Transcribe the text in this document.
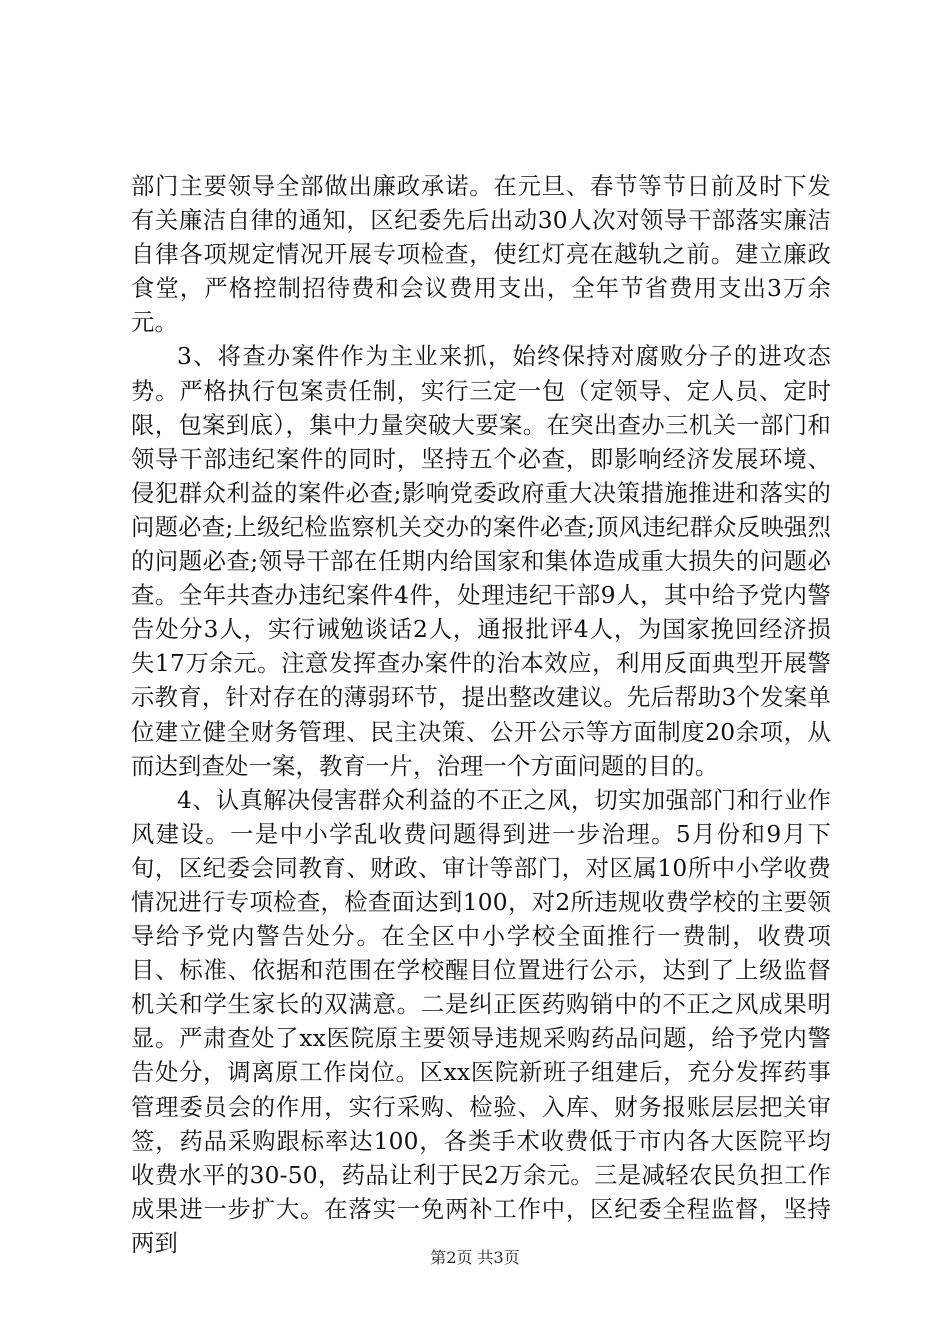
部门主要领导全部做出廉政承诺。在元旦、春节等节日前及时下发有关廉洁自律的通知，区纪委先后出动30人次对领导干部落实廉洁自律各项规定情况开展专项检查，使红灯亮在越轨之前。建立廉政食堂，严格控制招待费和会议费用支出，全年节省费用支出3万余元。

3、将查办案件作为主业来抓，始终保持对腐败分子的进攻态势。严格执行包案责任制，实行三定一包（定领导、定人员、定时限，包案到底），集中力量突破大要案。在突出查办三机关一部门和领导干部违纪案件的同时，坚持五个必查，即影响经济发展环境、侵犯群众利益的案件必查;影响党委政府重大决策措施推进和落实的问题必查;上级纪检监察机关交办的案件必查;顶风违纪群众反映强烈的问题必查;领导干部在任期内给国家和集体造成重大损失的问题必查。全年共查办违纪案件4件，处理违纪干部9人，其中给予党内警告处分3人，实行诫勉谈话2人，通报批评4人，为国家挽回经济损失17万余元。注意发挥查办案件的治本效应，利用反面典型开展警示教育，针对存在的薄弱环节，提出整改建议。先后帮助3个发案单位建立健全财务管理、民主决策、公开公示等方面制度20余项，从而达到查处一案，教育一片，治理一个方面问题的目的。

4、认真解决侵害群众利益的不正之风，切实加强部门和行业作风建设。一是中小学乱收费问题得到进一步治理。5月份和9月下旬，区纪委会同教育、财政、审计等部门，对区属10所中小学收费情况进行专项检查，检查面达到100，对2所违规收费学校的主要领导给予党内警告处分。在全区中小学校全面推行一费制，收费项目、标准、依据和范围在学校醒目位置进行公示，达到了上级监督机关和学生家长的双满意。二是纠正医药购销中的不正之风成果明显。严肃查处了xx医院原主要领导违规采购药品问题，给予党内警告处分，调离原工作岗位。区xx医院新班子组建后，充分发挥药事管理委员会的作用，实行采购、检验、入库、财务报账层层把关审签，药品采购跟标率达100，各类手术收费低于市内各大医院平均收费水平的30-50，药品让利于民2万余元。三是减轻农民负担工作成果进一步扩大。在落实一免两补工作中，区纪委全程监督，坚持两到

第2页 共3页
